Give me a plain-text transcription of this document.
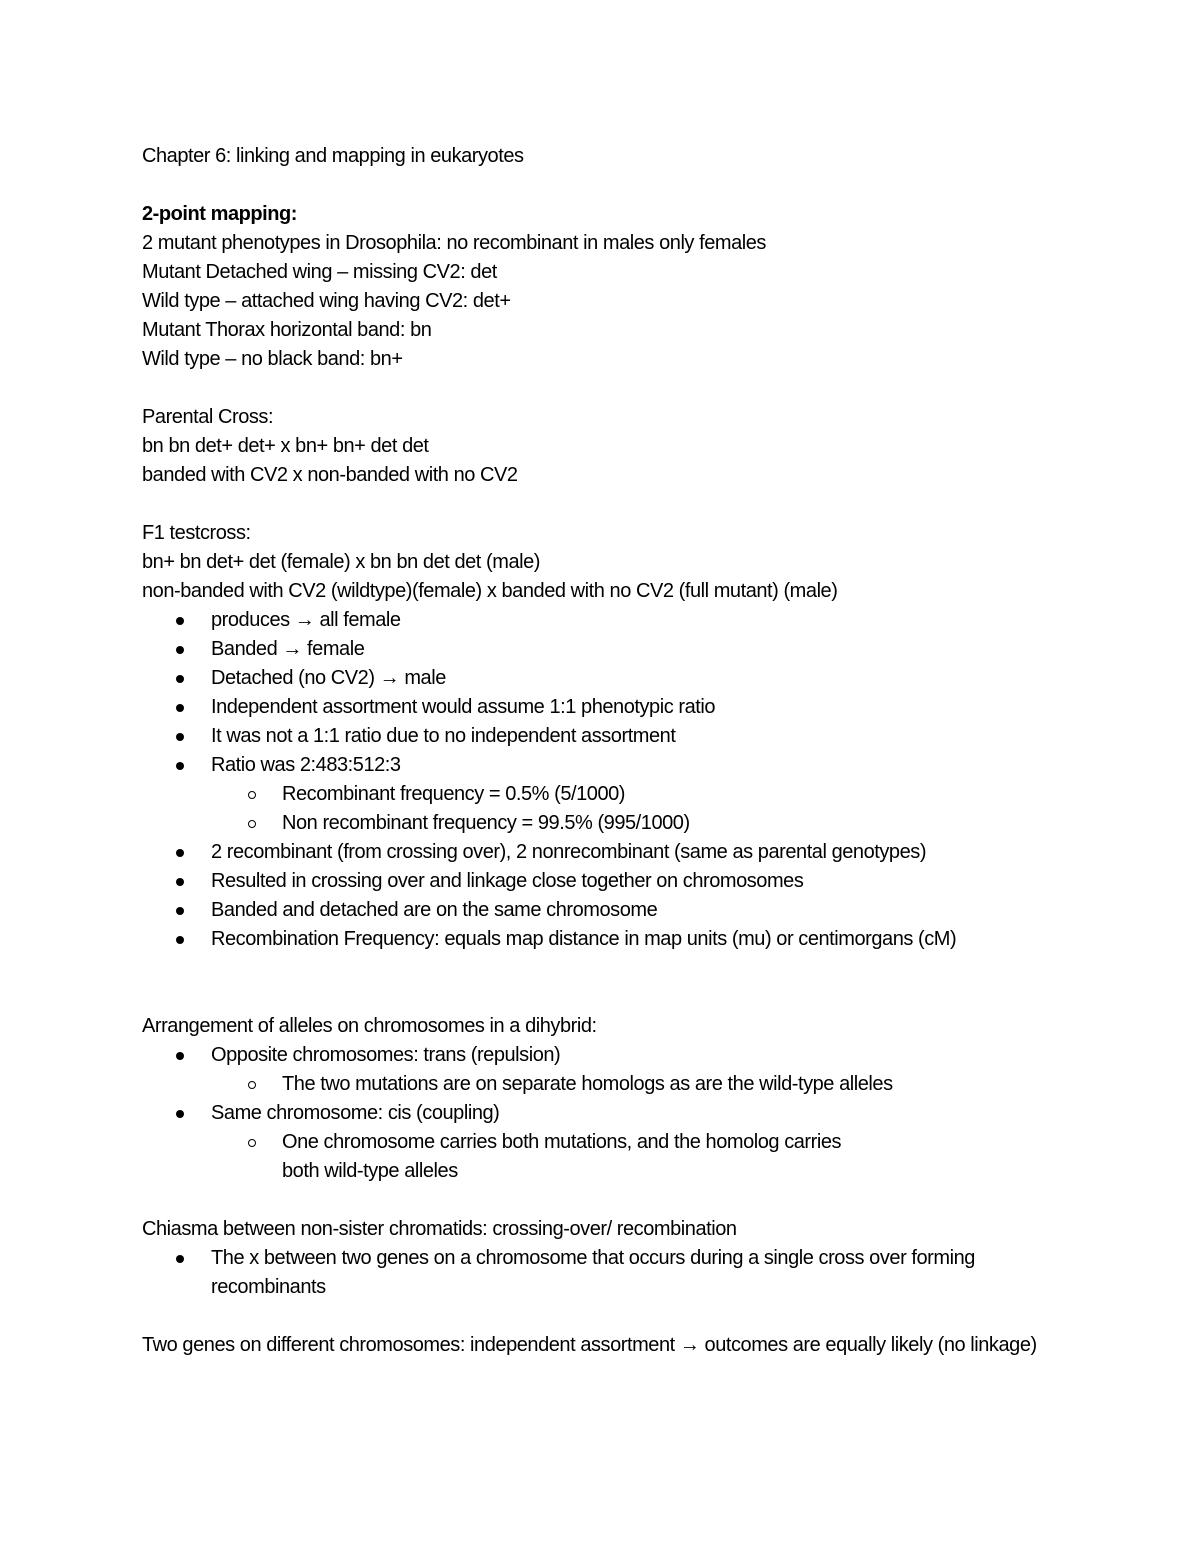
Chapter 6: linking and mapping in eukaryotes

2-point mapping:

2 mutant phenotypes in Drosophila: no recombinant in males only females

Mutant Detached wing – missing CV2: det

Wild type – attached wing having CV2: det+

Mutant Thorax horizontal band: bn

Wild type – no black band: bn+

Parental Cross:

bn bn det+ det+ x bn+ bn+ det det

banded with CV2 x non-banded with no CV2

F1 testcross:

bn+ bn det+ det (female) x bn bn det det (male)

non-banded with CV2 (wildtype)(female) x banded with no CV2 (full mutant) (male)

produces → all female
Banded → female
Detached (no CV2) → male
Independent assortment would assume 1:1 phenotypic ratio
It was not a 1:1 ratio due to no independent assortment
Ratio was 2:483:512:3
Recombinant frequency = 0.5% (5/1000)
Non recombinant frequency = 99.5% (995/1000)
2 recombinant (from crossing over), 2 nonrecombinant (same as parental genotypes)
Resulted in crossing over and linkage close together on chromosomes
Banded and detached are on the same chromosome
Recombination Frequency: equals map distance in map units (mu) or centimorgans (cM)

Arrangement of alleles on chromosomes in a dihybrid:

Opposite chromosomes: trans (repulsion)
The two mutations are on separate homologs as are the wild-type alleles
Same chromosome: cis (coupling)
One chromosome carries both mutations, and the homolog carries both wild-type alleles

Chiasma between non-sister chromatids: crossing-over/ recombination

The x between two genes on a chromosome that occurs during a single cross over forming recombinants

Two genes on different chromosomes: independent assortment → outcomes are equally likely (no linkage)
